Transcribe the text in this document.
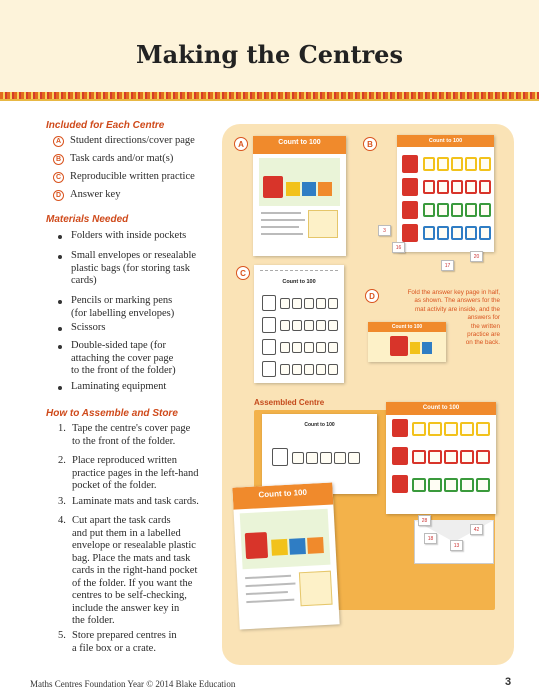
Making the Centres
Included for Each Centre
A Student directions/cover page
B Task cards and/or mat(s)
C Reproducible written practice
D Answer key
Materials Needed
Folders with inside pockets
Small envelopes or resealable
plastic bags (for storing task
cards)
Pencils or marking pens
(for labelling envelopes)
Scissors
Double-sided tape (for
attaching the cover page
to the front of the folder)
Laminating equipment
How to Assemble and Store
1. Tape the centre's cover page
to the front of the folder.
2. Place reproduced written
practice pages in the left-hand
pocket of the folder.
3. Laminate mats and task cards.
4. Cut apart the task cards
and put them in a labelled
envelope or resealable plastic
bag. Place the mats and task
cards in the right-hand pocket
of the folder. If you want the
centres to be self-checking,
include the answer key in
the folder.
5. Store prepared centres in
a file box or a crate.
A	Count to 100	B	Count to 100
3
16
20
17
C
Count to 100
D	Fold the answer key page in half,
as shown. The answers for the
mat activity are inside, and the
answers for
the written
practice are
on the back.
Count to 100
Assembled Centre
Count to 100
Count to 100
28
42
18
13
Count to 100
Maths Centres Foundation Year © 2014 Blake Education	3
